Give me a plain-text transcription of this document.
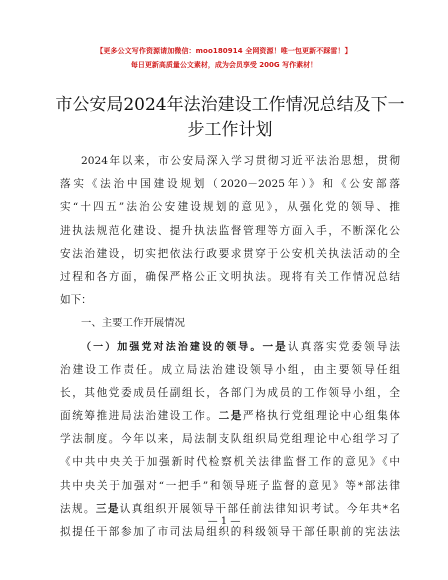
【更多公文写作资源请加微信：moo180914 全网资源！唯一包更新不踩雷！】
每日更新高质量公文素材，成为会员享受 200G 写作素材！
市公安局2024年法治建设工作情况总结及下一
步工作计划
2024年以来，市公安局深入学习贯彻习近平法治思想，贯彻
落实《法治中国建设规划（2020－2025年）》和《公安部落
实“十四五”法治公安建设规划的意见》，从强化党的领导、推
进执法规范化建设、提升执法监督管理等方面入手，不断深化公
安法治建设，切实把依法行政要求贯穿于公安机关执法活动的全
过程和各方面，确保严格公正文明执法。现将有关工作情况总结
如下：
一、主要工作开展情况
（一）加强党对法治建设的领导。一是认真落实党委领导法
治建设工作责任。成立局法治建设领导小组，由主要领导任组
长，其他党委成员任副组长，各部门为成员的工作领导小组，全
面统筹推进局法治建设工作。二是严格执行党组理论中心组集体
学法制度。今年以来，局法制支队组织局党组理论中心组学习了
《中共中央关于加强新时代检察机关法律监督工作的意见》《中
共中央关于加强对“一把手”和领导班子监督的意见》等*部法律
法规。三是认真组织开展领导干部任前法律知识考试。今年共*名
拟提任干部参加了市司法局组织的科级领导干部任职前的宪法法
— 1 —
